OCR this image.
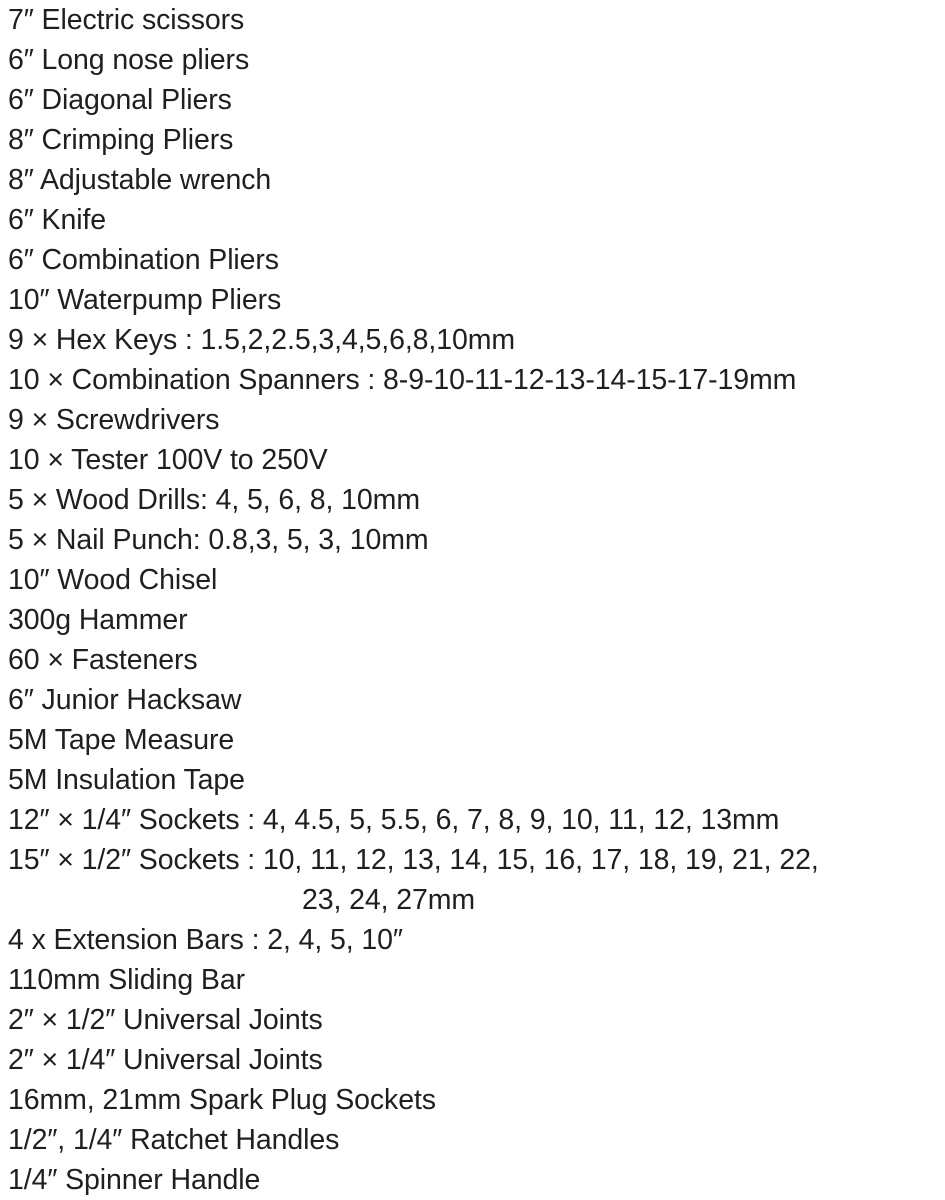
7″ Electric scissors
6″ Long nose pliers
6″ Diagonal Pliers
8″ Crimping Pliers
8″ Adjustable wrench
6″ Knife
6″ Combination Pliers
10″ Waterpump Pliers
9 × Hex Keys : 1.5,2,2.5,3,4,5,6,8,10mm
10 × Combination Spanners : 8-9-10-11-12-13-14-15-17-19mm
9 × Screwdrivers
10 × Tester 100V to 250V
5 × Wood Drills: 4, 5, 6, 8, 10mm
5 × Nail Punch: 0.8,3, 5, 3, 10mm
10″ Wood Chisel
300g Hammer
60 × Fasteners
6″ Junior Hacksaw
5M Tape Measure
5M Insulation Tape
12″ × 1/4″ Sockets : 4, 4.5, 5, 5.5, 6, 7, 8, 9, 10, 11, 12, 13mm
15″ × 1/2″ Sockets : 10, 11, 12, 13, 14, 15, 16, 17, 18, 19, 21, 22,
23, 24, 27mm
4 x Extension Bars : 2, 4, 5, 10″
110mm Sliding Bar
2″ × 1/2″ Universal Joints
2″ × 1/4″ Universal Joints
16mm, 21mm Spark Plug Sockets
1/2″, 1/4″ Ratchet Handles
1/4″ Spinner Handle
